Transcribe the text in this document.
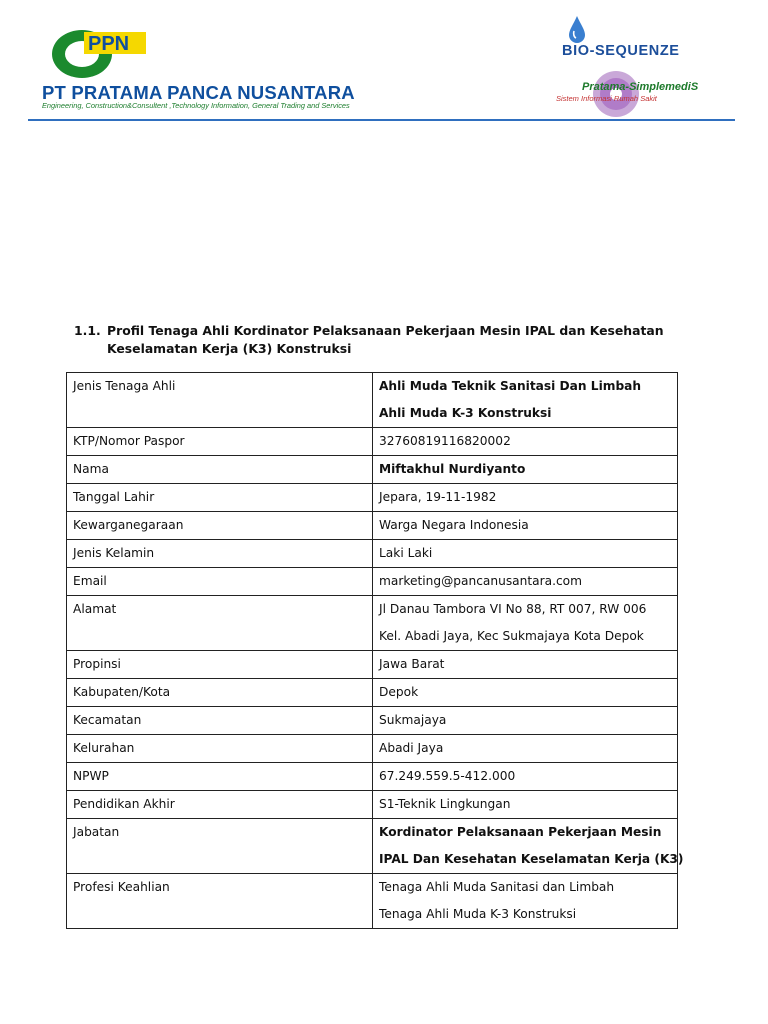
PPN
PT PRATAMA PANCA NUSANTARA
Engineering, Construction&Consultent ,Technology Information, General Trading and Services
BIO-SEQUENZE
Pratama-SimplemediS
Sistem Informasi Rumah Sakit
1.1. Profil Tenaga Ahli Kordinator Pelaksanaan Pekerjaan Mesin IPAL dan Kesehatan Keselamatan Kerja (K3) Konstruksi
Jenis Tenaga Ahli	Ahli Muda Teknik Sanitasi Dan Limbah
Ahli Muda K-3 Konstruksi

KTP/Nomor Paspor	32760819116820002

Nama	Miftakhul Nurdiyanto

Tanggal Lahir	Jepara, 19-11-1982

Kewarganegaraan	Warga Negara Indonesia

Jenis Kelamin	Laki Laki

Email	marketing@pancanusantara.com

Alamat	Jl Danau Tambora VI No 88, RT 007, RW 006
Kel. Abadi Jaya, Kec Sukmajaya Kota Depok

Propinsi	Jawa Barat

Kabupaten/Kota	Depok

Kecamatan	Sukmajaya

Kelurahan	Abadi Jaya

NPWP	67.249.559.5-412.000

Pendidikan Akhir	S1-Teknik Lingkungan

Jabatan	Kordinator Pelaksanaan Pekerjaan Mesin
IPAL Dan Kesehatan Keselamatan Kerja (K3)

Profesi Keahlian	Tenaga Ahli Muda Sanitasi dan Limbah
Tenaga Ahli Muda K-3 Konstruksi
